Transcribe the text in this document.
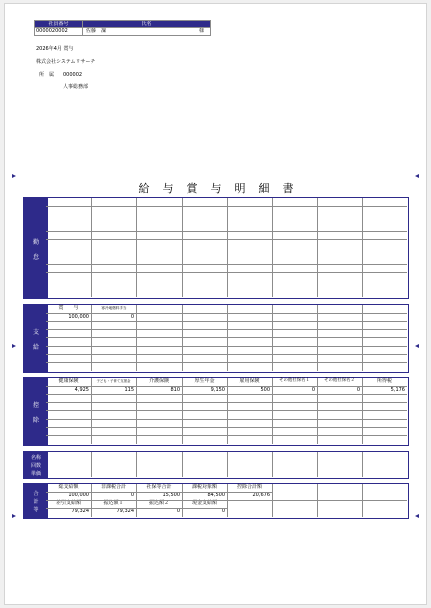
社員番号	氏名
0000020002	佐藤　凜 様
2026年4月 賞与
株式会社システムリサーチ
所　属 000002
人事総務部
給　与　賞　与　明　細　書
勤
怠
支
給
賞　　与	寒冷地燃料手当
100,000	0
控
除
健康保険	子ども・子育て支援金	介護保険	厚生年金	雇用保険	その他社保名１	その他社保名２	所得税
4,925	115	810	9,150	500	0	0	5,176
名称
回数
単価
合
計
等
総支給額	非課税合計	社保等合計	課税対象額	控除合計額
100,000	0	15,500	84,500	20,676
差引支給額	振込額１	振込額２	現金支給額
79,324	79,324	0	0
